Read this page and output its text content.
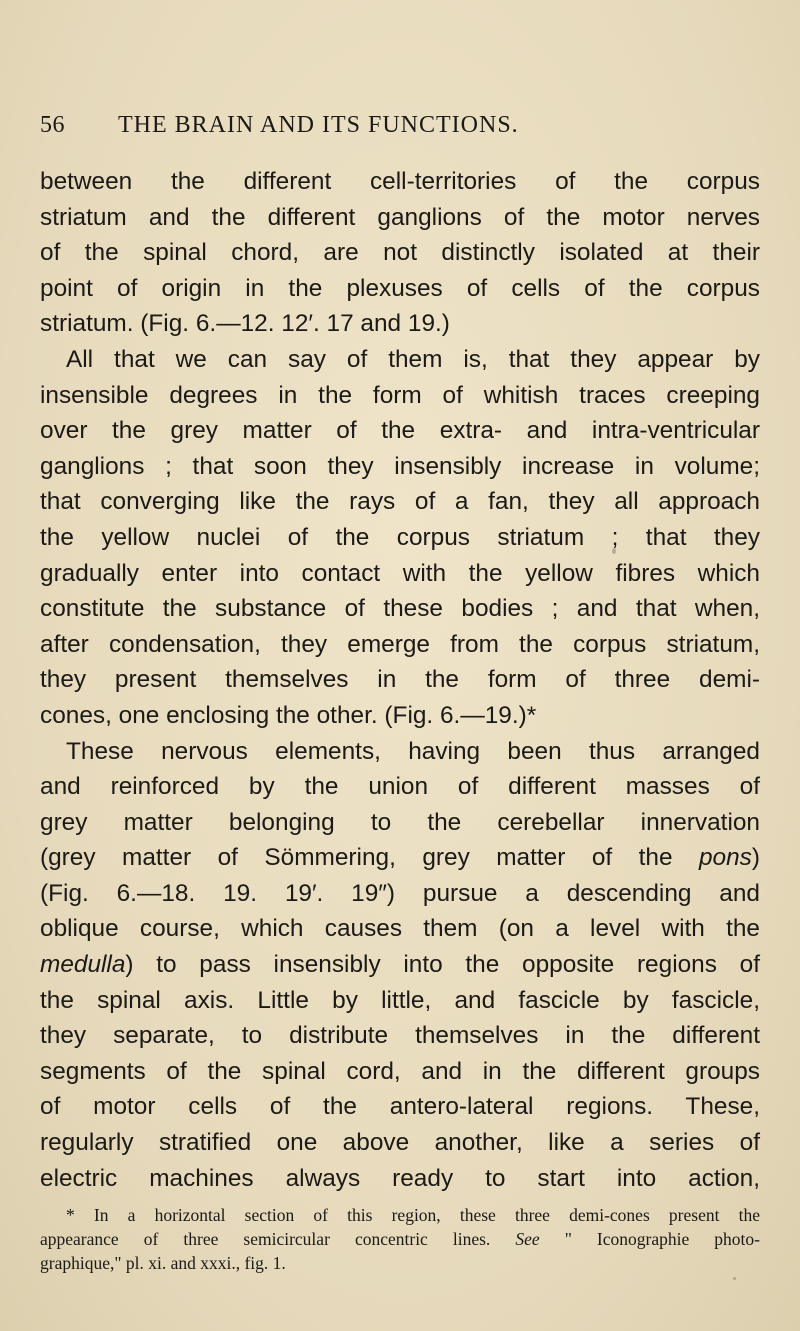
56 THE BRAIN AND ITS FUNCTIONS.
between the different cell-territories of the corpus
striatum and the different ganglions of the motor nerves
of the spinal chord, are not distinctly isolated at their
point of origin in the plexuses of cells of the corpus
striatum. (Fig. 6.—12. 12′. 17 and 19.)
All that we can say of them is, that they appear by
insensible degrees in the form of whitish traces creeping
over the grey matter of the extra- and intra-ventricular
ganglions ; that soon they insensibly increase in volume;
that converging like the rays of a fan, they all approach
the yellow nuclei of the corpus striatum ; that they
gradually enter into contact with the yellow fibres which
constitute the substance of these bodies ; and that when,
after condensation, they emerge from the corpus striatum,
they present themselves in the form of three demi-
cones, one enclosing the other. (Fig. 6.—19.)*
These nervous elements, having been thus arranged
and reinforced by the union of different masses of
grey matter belonging to the cerebellar innervation
(grey matter of Sömmering, grey matter of the pons)
(Fig. 6.—18. 19. 19′. 19″) pursue a descending and
oblique course, which causes them (on a level with the
medulla) to pass insensibly into the opposite regions of
the spinal axis. Little by little, and fascicle by fascicle,
they separate, to distribute themselves in the different
segments of the spinal cord, and in the different groups
of motor cells of the antero-lateral regions. These,
regularly stratified one above another, like a series of
electric machines always ready to start into action,
* In a horizontal section of this region, these three demi-cones present the
appearance of three semicircular concentric lines. See " Iconographie photo-
graphique," pl. xi. and xxxi., fig. 1.
